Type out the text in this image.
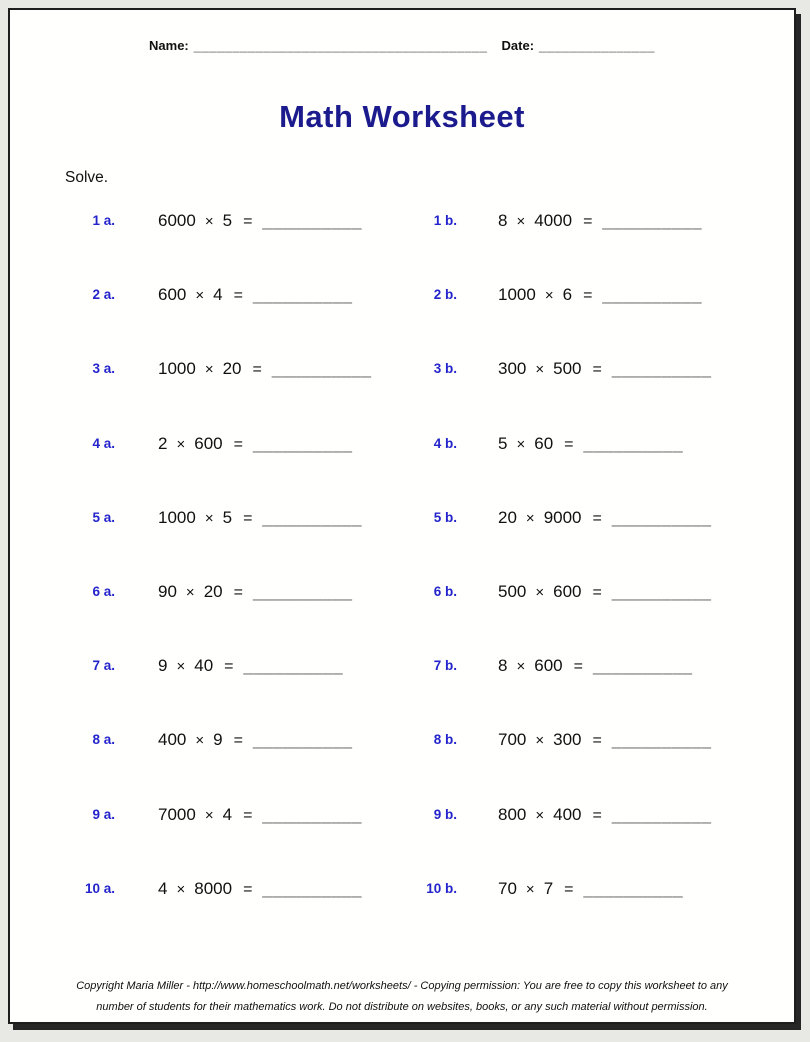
Name: ______________________________________ Date: _______________
Math Worksheet
Solve.
1 a.	6000 × 5 = __________	1 b. 8 × 4000 = __________
2 a.	600 × 4 = __________	2 b. 1000 × 6 = __________
3 a.	1000 × 20 = __________	3 b. 300 × 500 = __________
4 a.	2 × 600 = __________	4 b. 5 × 60 = __________
5 a.	1000 × 5 = __________	5 b. 20 × 9000 = __________
6 a.	90 × 20 = __________	6 b. 500 × 600 = __________
7 a.	9 × 40 = __________	7 b. 8 × 600 = __________
8 a.	400 × 9 = __________	8 b. 700 × 300 = __________
9 a.	7000 × 4 = __________	9 b. 800 × 400 = __________
10 a.	4 × 8000 = __________	10 b. 70 × 7 = __________
Copyright Maria Miller - http://www.homeschoolmath.net/worksheets/ - Copying permission: You are free to copy this worksheet to any
number of students for their mathematics work. Do not distribute on websites, books, or any such material without permission.
